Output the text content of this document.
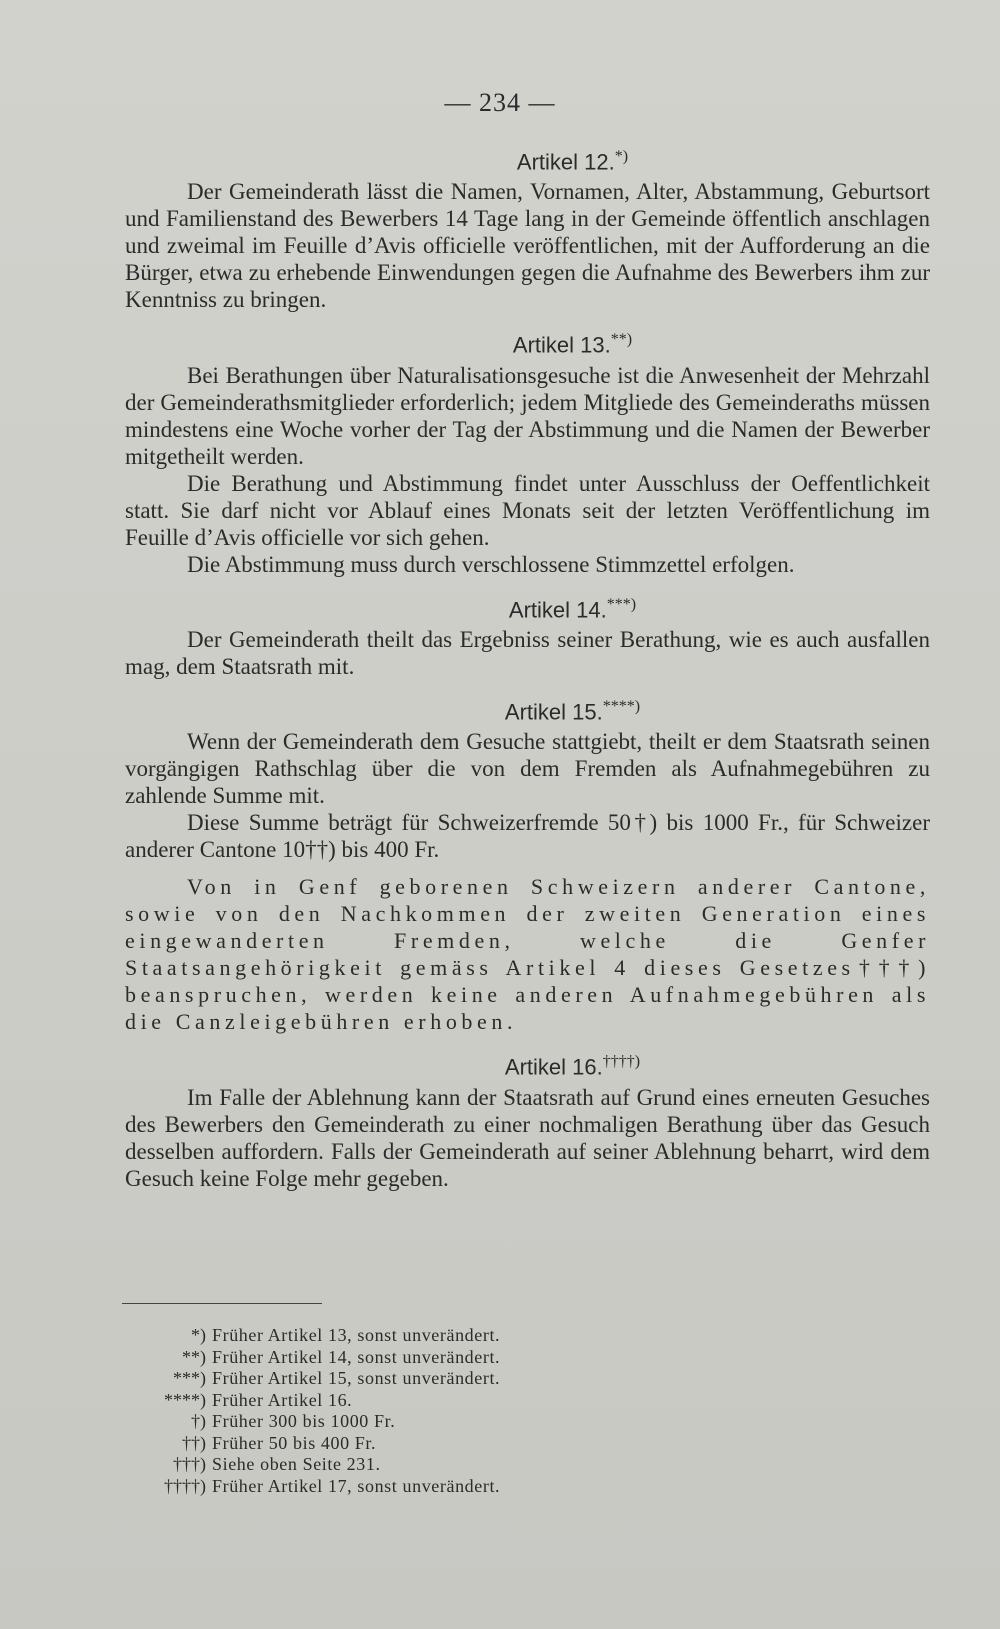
— 234 —
Artikel 12.*)

Der Gemeinderath lässt die Namen, Vornamen, Alter, Abstammung, Geburtsort und Familienstand des Bewerbers 14 Tage lang in der Gemeinde öffentlich anschlagen und zweimal im Feuille d’Avis officielle veröffentlichen, mit der Aufforderung an die Bürger, etwa zu erhebende Einwendungen gegen die Aufnahme des Bewerbers ihm zur Kenntniss zu bringen.

Artikel 13.**)

Bei Berathungen über Naturalisationsgesuche ist die Anwesenheit der Mehrzahl der Gemeinderathsmitglieder erforderlich; jedem Mitgliede des Gemeinderaths müssen mindestens eine Woche vorher der Tag der Abstimmung und die Namen der Bewerber mitgetheilt werden.

Die Berathung und Abstimmung findet unter Ausschluss der Oeffentlichkeit statt. Sie darf nicht vor Ablauf eines Monats seit der letzten Veröffentlichung im Feuille d’Avis officielle vor sich gehen.

Die Abstimmung muss durch verschlossene Stimmzettel erfolgen.

Artikel 14.***)

Der Gemeinderath theilt das Ergebniss seiner Berathung, wie es auch ausfallen mag, dem Staatsrath mit.

Artikel 15.****)

Wenn der Gemeinderath dem Gesuche stattgiebt, theilt er dem Staatsrath seinen vorgängigen Rathschlag über die von dem Fremden als Aufnahmegebühren zu zahlende Summe mit.

Diese Summe beträgt für Schweizerfremde 50†) bis 1000 Fr., für Schweizer anderer Cantone 10††) bis 400 Fr.

Von in Genf geborenen Schweizern anderer Cantone, sowie von den Nachkommen der zweiten Generation eines eingewanderten Fremden, welche die Genfer Staatsangehörigkeit gemäss Artikel 4 dieses Gesetzes†††) beanspruchen, werden keine anderen Aufnahmegebühren als die Canzleigebühren erhoben.

Artikel 16.††††)

Im Falle der Ablehnung kann der Staatsrath auf Grund eines erneuten Gesuches des Bewerbers den Gemeinderath zu einer nochmaligen Berathung über das Gesuch desselben auffordern. Falls der Gemeinderath auf seiner Ablehnung beharrt, wird dem Gesuch keine Folge mehr gegeben.

*) Früher Artikel 13, sonst unverändert.
**) Früher Artikel 14, sonst unverändert.
***) Früher Artikel 15, sonst unverändert.
****) Früher Artikel 16.
†) Früher 300 bis 1000 Fr.
††) Früher 50 bis 400 Fr.
†††) Siehe oben Seite 231.
††††) Früher Artikel 17, sonst unverändert.
